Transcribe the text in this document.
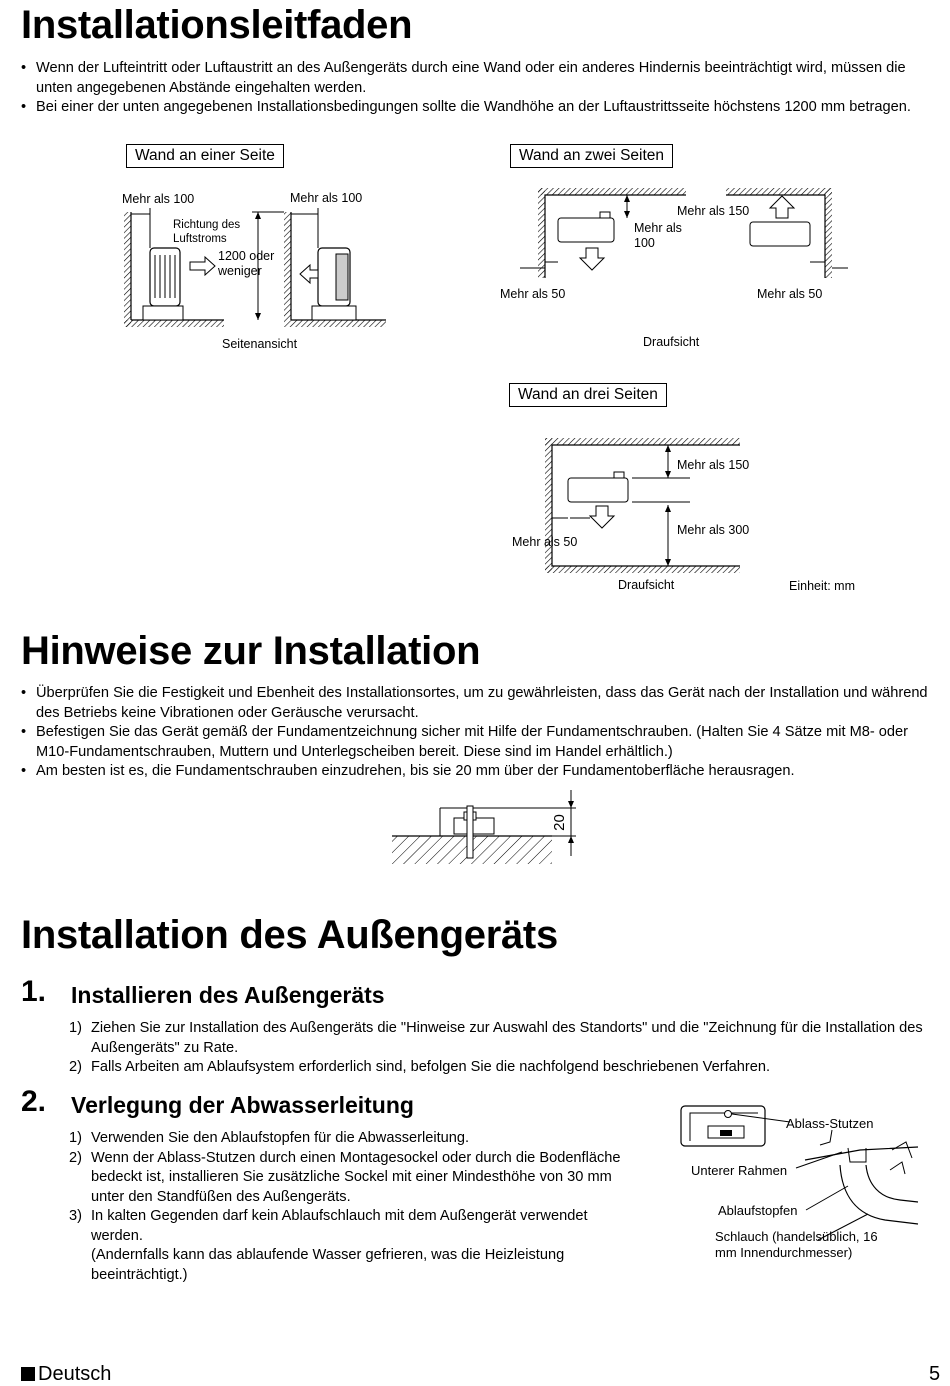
Installationsleitfaden
• Wenn der Lufteintritt oder Luftaustritt an des Außengeräts durch eine Wand oder ein anderes Hindernis beeinträchtigt wird, müssen die unten angegebenen Abstände eingehalten werden.
• Bei einer der unten angegebenen Installationsbedingungen sollte die Wandhöhe an der Luftaustrittsseite höchstens 1200 mm betragen.
Wand an einer Seite
Mehr als 100	Mehr als 100
Richtung des Luftstroms
1200 oder weniger
Seitenansicht
Wand an zwei Seiten
Mehr als 100
Mehr als 150
Mehr als 50	Mehr als 50
Draufsicht
Wand an drei Seiten
Mehr als 150
Mehr als 300
Mehr als 50
Draufsicht	Einheit: mm
Hinweise zur Installation
• Überprüfen Sie die Festigkeit und Ebenheit des Installationsortes, um zu gewährleisten, dass das Gerät nach der Installation und während des Betriebs keine Vibrationen oder Geräusche verursacht.
• Befestigen Sie das Gerät gemäß der Fundamentzeichnung sicher mit Hilfe der Fundamentschrauben. (Halten Sie 4 Sätze mit M8- oder M10-Fundamentschrauben, Muttern und Unterlegscheiben bereit. Diese sind im Handel erhältlich.)
• Am besten ist es, die Fundamentschrauben einzudrehen, bis sie 20 mm über der Fundamentoberfläche herausragen.
20
Installation des Außengeräts
1. Installieren des Außengeräts
1) Ziehen Sie zur Installation des Außengeräts die "Hinweise zur Auswahl des Standorts" und die "Zeichnung für die Installation des Außengeräts" zu Rate.
2) Falls Arbeiten am Ablaufsystem erforderlich sind, befolgen Sie die nachfolgend beschriebenen Verfahren.
2. Verlegung der Abwasserleitung
1) Verwenden Sie den Ablaufstopfen für die Abwasserleitung.
2) Wenn der Ablass-Stutzen durch einen Montagesockel oder durch die Bodenfläche bedeckt ist, installieren Sie zusätzliche Sockel mit einer Mindesthöhe von 30 mm unter den Standfüßen des Außengeräts.
3) In kalten Gegenden darf kein Ablaufschlauch mit dem Außengerät verwendet werden.
(Andernfalls kann das ablaufende Wasser gefrieren, was die Heizleistung beeinträchtigt.)
Ablass-Stutzen
Unterer Rahmen
Ablaufstopfen
Schlauch (handelsüblich, 16 mm Innendurchmesser)
Deutsch	5
